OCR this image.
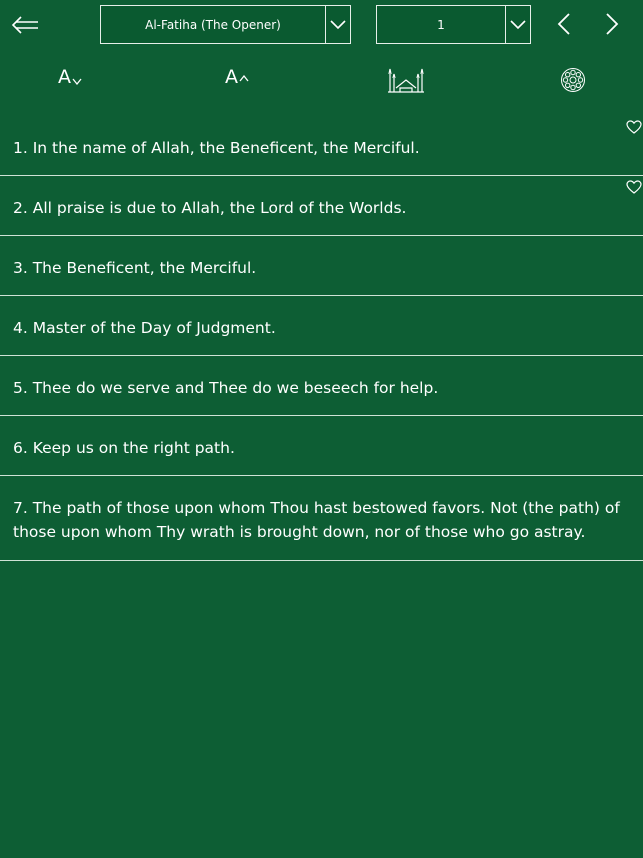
Al-Fatiha (The Opener)	1
A	A
1. In the name of Allah, the Beneficent, the Merciful.
2. All praise is due to Allah, the Lord of the Worlds.
3. The Beneficent, the Merciful.
4. Master of the Day of Judgment.
5. Thee do we serve and Thee do we beseech for help.
6. Keep us on the right path.
7. The path of those upon whom Thou hast bestowed favors. Not (the path) of those upon whom Thy wrath is brought down, nor of those who go astray.
